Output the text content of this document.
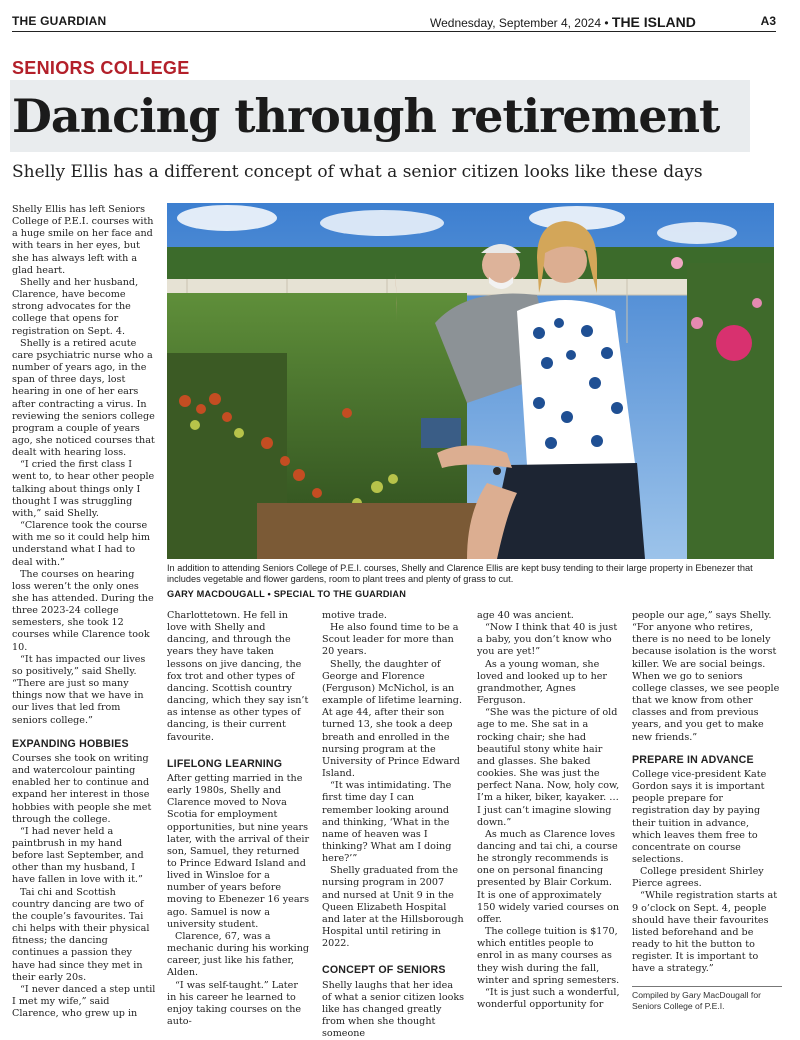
THE GUARDIAN	Wednesday, September 4, 2024 • THE ISLAND	A3
SENIORS COLLEGE
Dancing through retirement
Shelly Ellis has a different concept of what a senior citizen looks like these days

Shelly Ellis has left Seniors College of P.E.I. courses with a huge smile on her face and with tears in her eyes, but she has always left with a glad heart.

Shelly and her husband, Clarence, have become strong advocates for the college that opens for registration on Sept. 4.

Shelly is a retired acute care psychiatric nurse who a number of years ago, in the span of three days, lost hearing in one of her ears after contracting a virus. In reviewing the seniors college program a couple of years ago, she noticed courses that dealt with hearing loss.

“I cried the first class I went to, to hear other people talking about things only I thought I was struggling with,” said Shelly.

“Clarence took the course with me so it could help him understand what I had to deal with.”

The courses on hearing loss weren’t the only ones she has attended. During the three 2023-24 college semesters, she took 12 courses while Clarence took 10.

“It has impacted our lives so positively,” said Shelly. “There are just so many things now that we have in our lives that led from seniors college.”

EXPANDING HOBBIES

Courses she took on writing and watercolour painting enabled her to continue and expand her interest in those hobbies with people she met through the college.

“I had never held a paintbrush in my hand before last September, and other than my husband, I have fallen in love with it.”

Tai chi and Scottish country dancing are two of the couple’s favourites. Tai chi helps with their physical fitness; the dancing continues a passion they have had since they met in their early 20s.

“I never danced a step until I met my wife,” said Clarence, who grew up in

In addition to attending Seniors College of P.E.I. courses, Shelly and Clarence Ellis are kept busy tending to their large property in Ebenezer that includes vegetable and flower gardens, room to plant trees and plenty of grass to cut.
GARY MACDOUGALL • SPECIAL TO THE GUARDIAN

Charlottetown. He fell in love with Shelly and dancing, and through the years they have taken lessons on jive dancing, the fox trot and other types of dancing. Scottish country dancing, which they say isn’t as intense as other types of dancing, is their current favourite.

LIFELONG LEARNING

After getting married in the early 1980s, Shelly and Clarence moved to Nova Scotia for employment opportunities, but nine years later, with the arrival of their son, Samuel, they returned to Prince Edward Island and lived in Winsloe for a number of years before moving to Ebenezer 16 years ago. Samuel is now a university student.

Clarence, 67, was a mechanic during his working career, just like his father, Alden.

“I was self-taught.” Later in his career he learned to enjoy taking courses on the auto-

motive trade.

He also found time to be a Scout leader for more than 20 years.

Shelly, the daughter of George and Florence (Ferguson) McNichol, is an example of lifetime learning. At age 44, after their son turned 13, she took a deep breath and enrolled in the nursing program at the University of Prince Edward Island.

“It was intimidating. The first time day I can remember looking around and thinking, ‘What in the name of heaven was I thinking? What am I doing here?’”

Shelly graduated from the nursing program in 2007 and nursed at Unit 9 in the Queen Elizabeth Hospital and later at the Hillsborough Hospital until retiring in 2022.

CONCEPT OF SENIORS

Shelly laughs that her idea of what a senior citizen looks like has changed greatly from when she thought someone

age 40 was ancient.

“Now I think that 40 is just a baby, you don’t know who you are yet!”

As a young woman, she loved and looked up to her grandmother, Agnes Ferguson.

“She was the picture of old age to me. She sat in a rocking chair; she had beautiful stony white hair and glasses. She baked cookies. She was just the perfect Nana. Now, holy cow, I’m a hiker, biker, kayaker. … I just can’t imagine slowing down.”

As much as Clarence loves dancing and tai chi, a course he strongly recommends is one on personal financing presented by Blair Corkum. It is one of approximately 150 widely varied courses on offer.

The college tuition is $170, which entitles people to enrol in as many courses as they wish during the fall, winter and spring semesters.

“It is just such a wonderful, wonderful opportunity for

people our age,” says Shelly. “For anyone who retires, there is no need to be lonely because isolation is the worst killer. We are social beings. When we go to seniors college classes, we see people that we know from other classes and from previous years, and you get to make new friends.”

PREPARE IN ADVANCE

College vice-president Kate Gordon says it is important people prepare for registration day by paying their tuition in advance, which leaves them free to concentrate on course selections.

College president Shirley Pierce agrees.

“While registration starts at 9 o’clock on Sept. 4, people should have their favourites listed beforehand and be ready to hit the button to register. It is important to have a strategy.”

Compiled by Gary MacDougall for Seniors College of P.E.I.
